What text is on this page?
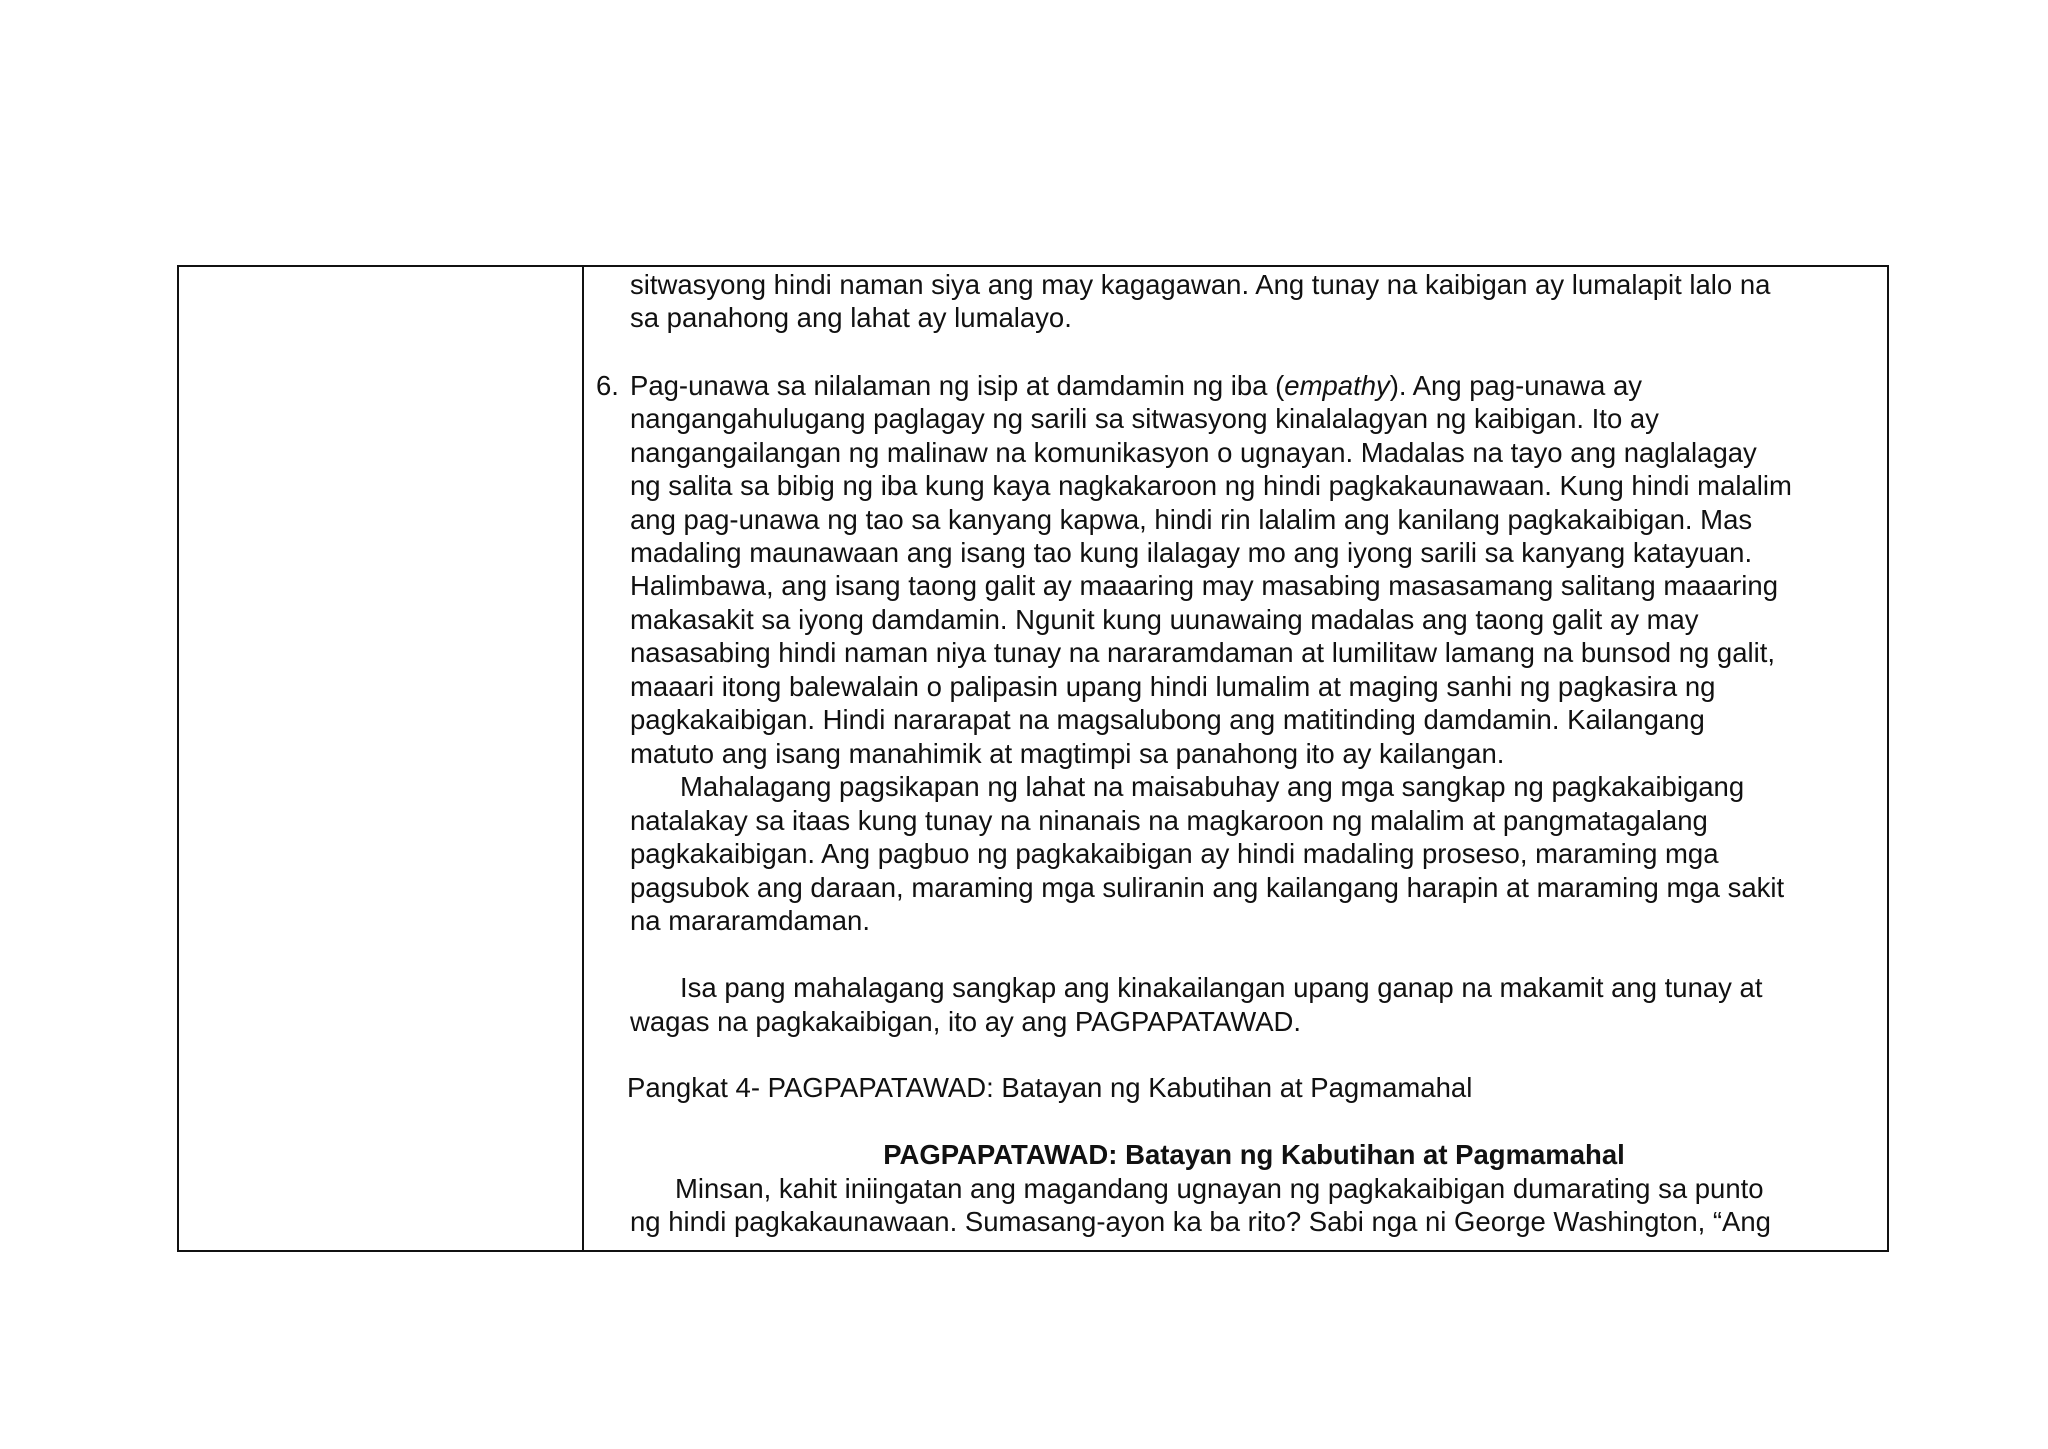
sitwasyong hindi naman siya ang may kagagawan. Ang tunay na kaibigan ay lumalapit lalo na
sa panahong ang lahat ay lumalayo.
6. Pag-unawa sa nilalaman ng isip at damdamin ng iba (empathy). Ang pag-unawa ay
nangangahulugang paglagay ng sarili sa sitwasyong kinalalagyan ng kaibigan. Ito ay
nangangailangan ng malinaw na komunikasyon o ugnayan. Madalas na tayo ang naglalagay
ng salita sa bibig ng iba kung kaya nagkakaroon ng hindi pagkakaunawaan. Kung hindi malalim
ang pag-unawa ng tao sa kanyang kapwa, hindi rin lalalim ang kanilang pagkakaibigan. Mas
madaling maunawaan ang isang tao kung ilalagay mo ang iyong sarili sa kanyang katayuan.
Halimbawa, ang isang taong galit ay maaaring may masabing masasamang salitang maaaring
makasakit sa iyong damdamin. Ngunit kung uunawaing madalas ang taong galit ay may
nasasabing hindi naman niya tunay na nararamdaman at lumilitaw lamang na bunsod ng galit,
maaari itong balewalain o palipasin upang hindi lumalim at maging sanhi ng pagkasira ng
pagkakaibigan. Hindi nararapat na magsalubong ang matitinding damdamin. Kailangang
matuto ang isang manahimik at magtimpi sa panahong ito ay kailangan.
Mahalagang pagsikapan ng lahat na maisabuhay ang mga sangkap ng pagkakaibigang
natalakay sa itaas kung tunay na ninanais na magkaroon ng malalim at pangmatagalang
pagkakaibigan. Ang pagbuo ng pagkakaibigan ay hindi madaling proseso, maraming mga
pagsubok ang daraan, maraming mga suliranin ang kailangang harapin at maraming mga sakit
na mararamdaman.
Isa pang mahalagang sangkap ang kinakailangan upang ganap na makamit ang tunay at
wagas na pagkakaibigan, ito ay ang PAGPAPATAWAD.
Pangkat 4- PAGPAPATAWAD: Batayan ng Kabutihan at Pagmamahal
PAGPAPATAWAD: Batayan ng Kabutihan at Pagmamahal
Minsan, kahit iniingatan ang magandang ugnayan ng pagkakaibigan dumarating sa punto
ng hindi pagkakaunawaan. Sumasang-ayon ka ba rito? Sabi nga ni George Washington, “Ang
